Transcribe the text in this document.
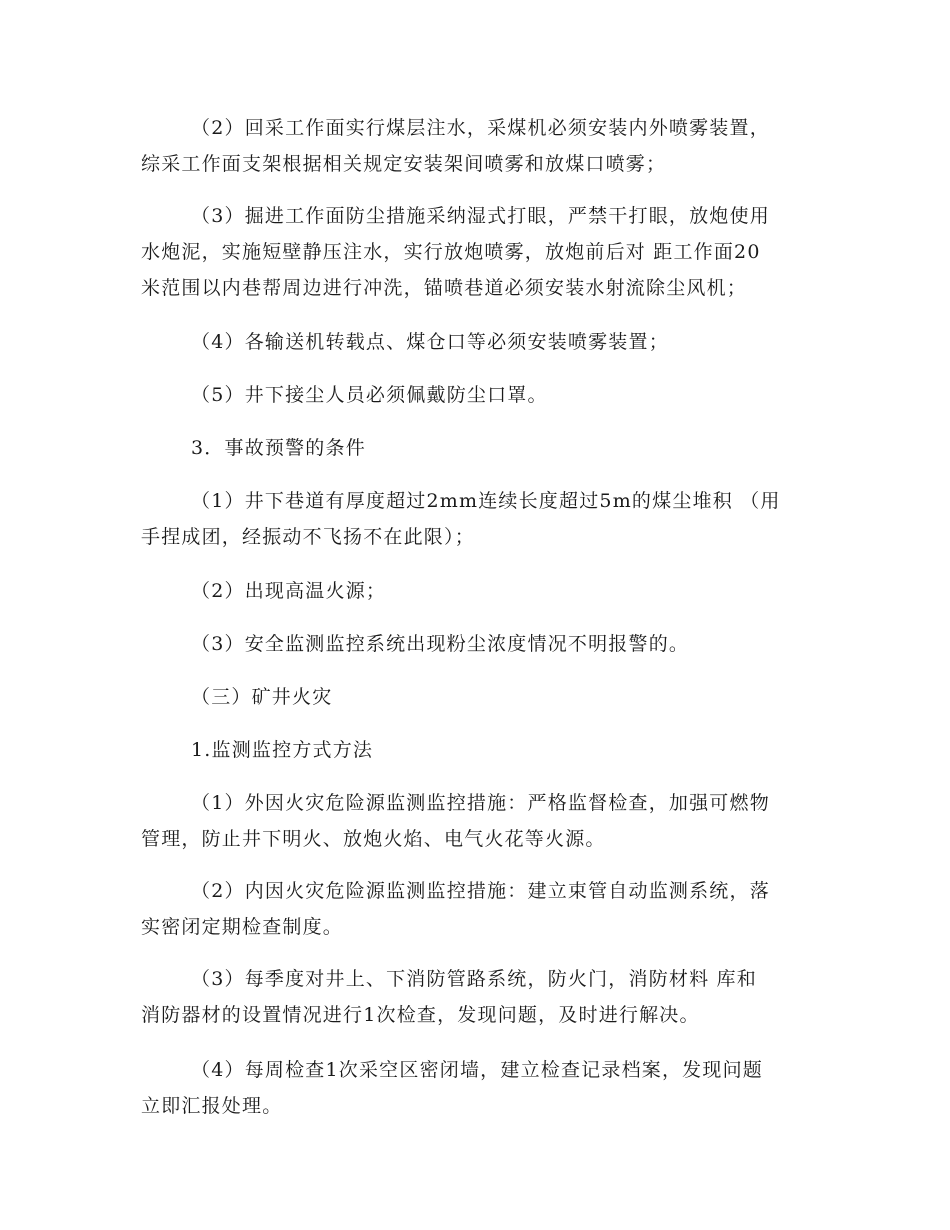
（2）回采工作面实行煤层注水，采煤机必须安装内外喷雾装置，
综采工作面支架根据相关规定安装架间喷雾和放煤口喷雾；

（3）掘进工作面防尘措施采纳湿式打眼，严禁干打眼，放炮使用
水炮泥，实施短壁静压注水，实行放炮喷雾，放炮前后对 距工作面20
米范围以内巷帮周边进行冲洗，锚喷巷道必须安装水射流除尘风机；

（4）各输送机转载点、煤仓口等必须安装喷雾装置；

（5）井下接尘人员必须佩戴防尘口罩。

3．事故预警的条件

（1）井下巷道有厚度超过2mm连续长度超过5m的煤尘堆积 （用
手捏成团，经振动不飞扬不在此限）；

（2）出现高温火源；

（3）安全监测监控系统出现粉尘浓度情况不明报警的。

（三）矿井火灾

1.监测监控方式方法

（1）外因火灾危险源监测监控措施：严格监督检查，加强可燃物
管理，防止井下明火、放炮火焰、电气火花等火源。

（2）内因火灾危险源监测监控措施：建立束管自动监测系统，落
实密闭定期检查制度。

（3）每季度对井上、下消防管路系统，防火门，消防材料 库和
消防器材的设置情况进行1次检查，发现问题，及时进行解决。

（4）每周检查1次采空区密闭墙，建立检查记录档案，发现问题
立即汇报处理。
